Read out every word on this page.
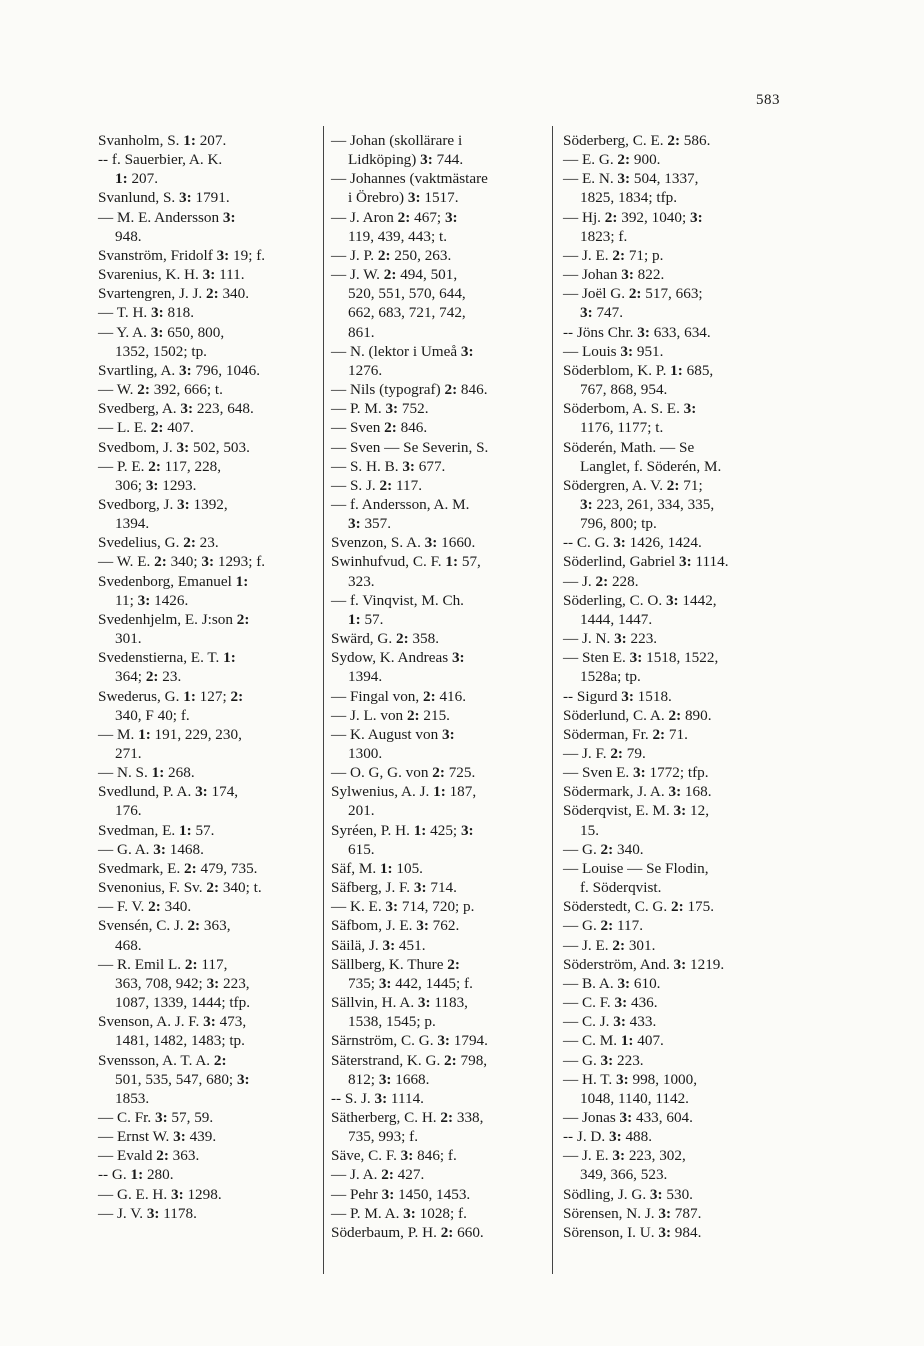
583
Svanholm, S. 1: 207.
-- f. Sauerbier, A. K.
1: 207.
Svanlund, S. 3: 1791.
— M. E. Andersson 3:
948.
Svanström, Fridolf 3: 19; f.
Svarenius, K. H. 3: 111.
Svartengren, J. J. 2: 340.
— T. H. 3: 818.
— Y. A. 3: 650, 800,
1352, 1502; tp.
Svartling, A. 3: 796, 1046.
— W. 2: 392, 666; t.
Svedberg, A. 3: 223, 648.
— L. E. 2: 407.
Svedbom, J. 3: 502, 503.
— P. E. 2: 117, 228,
306; 3: 1293.
Svedborg, J. 3: 1392,
1394.
Svedelius, G. 2: 23.
— W. E. 2: 340; 3: 1293; f.
Svedenborg, Emanuel 1:
11; 3: 1426.
Svedenhjelm, E. J:son 2:
301.
Svedenstierna, E. T. 1:
364; 2: 23.
Swederus, G. 1: 127; 2:
340, F 40; f.
— M. 1: 191, 229, 230,
271.
— N. S. 1: 268.
Svedlund, P. A. 3: 174,
176.
Svedman, E. 1: 57.
— G. A. 3: 1468.
Svedmark, E. 2: 479, 735.
Svenonius, F. Sv. 2: 340; t.
— F. V. 2: 340.
Svensén, C. J. 2: 363,
468.
— R. Emil L. 2: 117,
363, 708, 942; 3: 223,
1087, 1339, 1444; tfp.
Svenson, A. J. F. 3: 473,
1481, 1482, 1483; tp.
Svensson, A. T. A. 2:
501, 535, 547, 680; 3:
1853.
— C. Fr. 3: 57, 59.
— Ernst W. 3: 439.
— Evald 2: 363.
-- G. 1: 280.
— G. E. H. 3: 1298.
— J. V. 3: 1178.
— Johan (skollärare i
Lidköping) 3: 744.
— Johannes (vaktmästare
i Örebro) 3: 1517.
— J. Aron 2: 467; 3:
119, 439, 443; t.
— J. P. 2: 250, 263.
— J. W. 2: 494, 501,
520, 551, 570, 644,
662, 683, 721, 742,
861.
— N. (lektor i Umeå 3:
1276.
— Nils (typograf) 2: 846.
— P. M. 3: 752.
— Sven 2: 846.
— Sven — Se Severin, S.
— S. H. B. 3: 677.
— S. J. 2: 117.
— f. Andersson, A. M.
3: 357.
Svenzon, S. A. 3: 1660.
Swinhufvud, C. F. 1: 57,
323.
— f. Vinqvist, M. Ch.
1: 57.
Swärd, G. 2: 358.
Sydow, K. Andreas 3:
1394.
— Fingal von, 2: 416.
— J. L. von 2: 215.
— K. August von 3:
1300.
— O. G, G. von 2: 725.
Sylwenius, A. J. 1: 187,
201.
Syréen, P. H. 1: 425; 3:
615.
Säf, M. 1: 105.
Säfberg, J. F. 3: 714.
— K. E. 3: 714, 720; p.
Säfbom, J. E. 3: 762.
Säilä, J. 3: 451.
Sällberg, K. Thure 2:
735; 3: 442, 1445; f.
Sällvin, H. A. 3: 1183,
1538, 1545; p.
Särnström, C. G. 3: 1794.
Säterstrand, K. G. 2: 798,
812; 3: 1668.
-- S. J. 3: 1114.
Sätherberg, C. H. 2: 338,
735, 993; f.
Säve, C. F. 3: 846; f.
— J. A. 2: 427.
— Pehr 3: 1450, 1453.
— P. M. A. 3: 1028; f.
Söderbaum, P. H. 2: 660.
Söderberg, C. E. 2: 586.
— E. G. 2: 900.
— E. N. 3: 504, 1337,
1825, 1834; tfp.
— Hj. 2: 392, 1040; 3:
1823; f.
— J. E. 2: 71; p.
— Johan 3: 822.
— Joël G. 2: 517, 663;
3: 747.
-- Jöns Chr. 3: 633, 634.
— Louis 3: 951.
Söderblom, K. P. 1: 685,
767, 868, 954.
Söderbom, A. S. E. 3:
1176, 1177; t.
Söderén, Math. — Se
Langlet, f. Söderén, M.
Södergren, A. V. 2: 71;
3: 223, 261, 334, 335,
796, 800; tp.
-- C. G. 3: 1426, 1424.
Söderlind, Gabriel 3: 1114.
— J. 2: 228.
Söderling, C. O. 3: 1442,
1444, 1447.
— J. N. 3: 223.
— Sten E. 3: 1518, 1522,
1528a; tp.
-- Sigurd 3: 1518.
Söderlund, C. A. 2: 890.
Söderman, Fr. 2: 71.
— J. F. 2: 79.
— Sven E. 3: 1772; tfp.
Södermark, J. A. 3: 168.
Söderqvist, E. M. 3: 12,
15.
— G. 2: 340.
— Louise — Se Flodin,
f. Söderqvist.
Söderstedt, C. G. 2: 175.
— G. 2: 117.
— J. E. 2: 301.
Söderström, And. 3: 1219.
— B. A. 3: 610.
— C. F. 3: 436.
— C. J. 3: 433.
— C. M. 1: 407.
— G. 3: 223.
— H. T. 3: 998, 1000,
1048, 1140, 1142.
— Jonas 3: 433, 604.
-- J. D. 3: 488.
— J. E. 3: 223, 302,
349, 366, 523.
Södling, J. G. 3: 530.
Sörensen, N. J. 3: 787.
Sörenson, I. U. 3: 984.
